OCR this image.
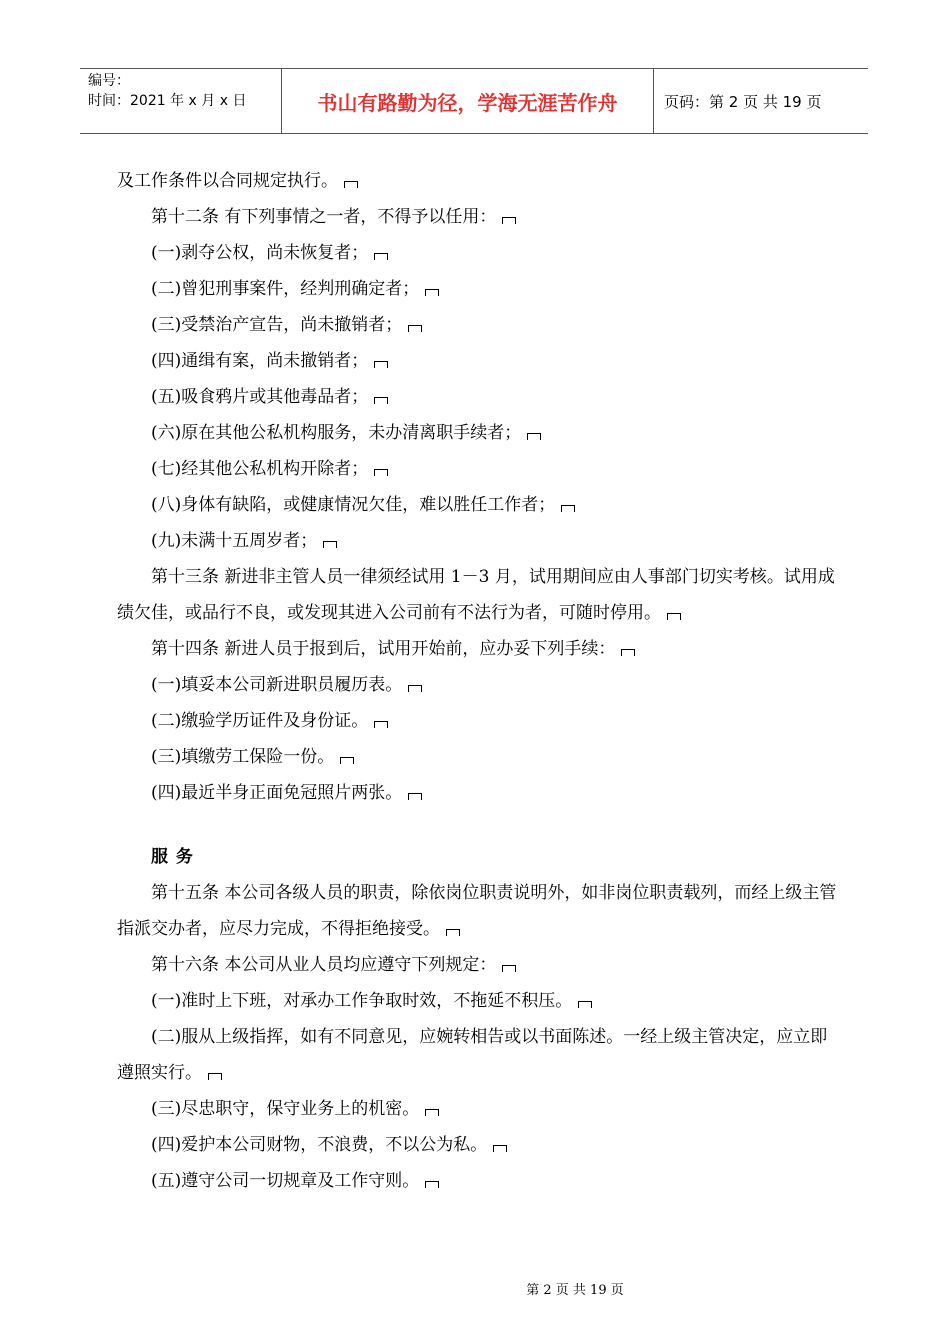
编号：
时间：2021 年 x 月 x 日	书山有路勤为径，学海无涯苦作舟	页码：第 2 页 共 19 页
及工作条件以合同规定执行。
第十二条 有下列事情之一者，不得予以任用：
(一)剥夺公权，尚未恢复者；
(二)曾犯刑事案件，经判刑确定者；
(三)受禁治产宣告，尚未撤销者；
(四)通缉有案，尚未撤销者；
(五)吸食鸦片或其他毒品者；
(六)原在其他公私机构服务，未办清离职手续者；
(七)经其他公私机构开除者；
(八)身体有缺陷，或健康情况欠佳，难以胜任工作者；
(九)未满十五周岁者；
第十三条 新进非主管人员一律须经试用 1－3 月，试用期间应由人事部门切实考核。试用成绩欠佳，或品行不良，或发现其进入公司前有不法行为者，可随时停用。
第十四条 新进人员于报到后，试用开始前，应办妥下列手续：
(一)填妥本公司新进职员履历表。
(二)缴验学历证件及身份证。
(三)填缴劳工保险一份。
(四)最近半身正面免冠照片两张。
服 务
第十五条 本公司各级人员的职责，除依岗位职责说明外，如非岗位职责载列，而经上级主管指派交办者，应尽力完成，不得拒绝接受。
第十六条 本公司从业人员均应遵守下列规定：
(一)准时上下班，对承办工作争取时效，不拖延不积压。
(二)服从上级指挥，如有不同意见，应婉转相告或以书面陈述。一经上级主管决定，应立即遵照实行。
(三)尽忠职守，保守业务上的机密。
(四)爱护本公司财物，不浪费，不以公为私。
(五)遵守公司一切规章及工作守则。
第 2 页 共 19 页
